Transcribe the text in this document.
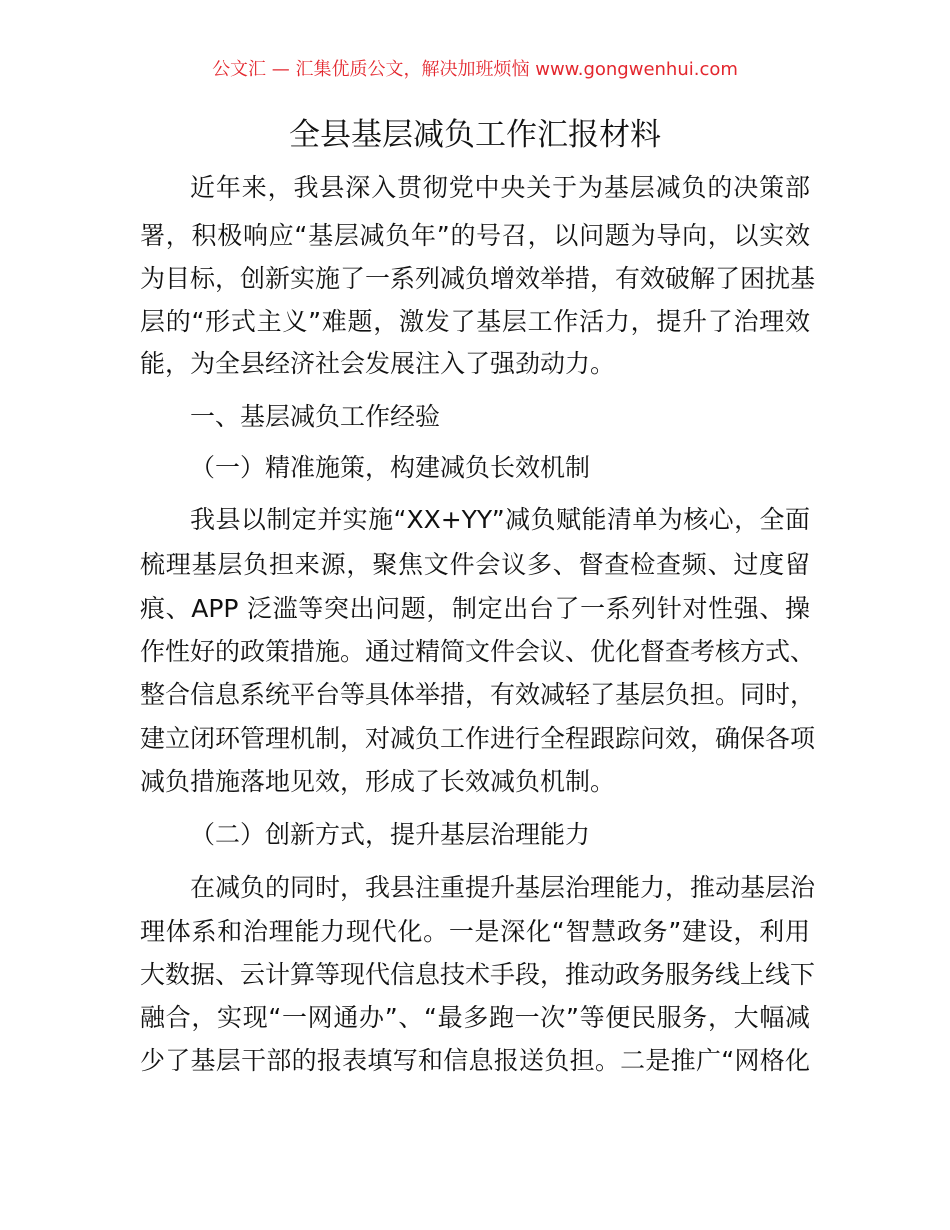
公文汇 — 汇集优质公文，解决加班烦恼 www.gongwenhui.com
全县基层减负工作汇报材料
近年来，我县深入贯彻党中央关于为基层减负的决策部
署，积极响应“基层减负年”的号召，以问题为导向，以实效
为目标，创新实施了一系列减负增效举措，有效破解了困扰基
层的“形式主义”难题，激发了基层工作活力，提升了治理效
能，为全县经济社会发展注入了强劲动力。
一、基层减负工作经验
（一）精准施策，构建减负长效机制
我县以制定并实施“XX+YY”减负赋能清单为核心，全面
梳理基层负担来源，聚焦文件会议多、督查检查频、过度留
痕、APP 泛滥等突出问题，制定出台了一系列针对性强、操
作性好的政策措施。通过精简文件会议、优化督查考核方式、
整合信息系统平台等具体举措，有效减轻了基层负担。同时，
建立闭环管理机制，对减负工作进行全程跟踪问效，确保各项
减负措施落地见效，形成了长效减负机制。
（二）创新方式，提升基层治理能力
在减负的同时，我县注重提升基层治理能力，推动基层治
理体系和治理能力现代化。一是深化“智慧政务”建设，利用
大数据、云计算等现代信息技术手段，推动政务服务线上线下
融合，实现“一网通办”、“最多跑一次”等便民服务，大幅减
少了基层干部的报表填写和信息报送负担。二是推广“网格化
